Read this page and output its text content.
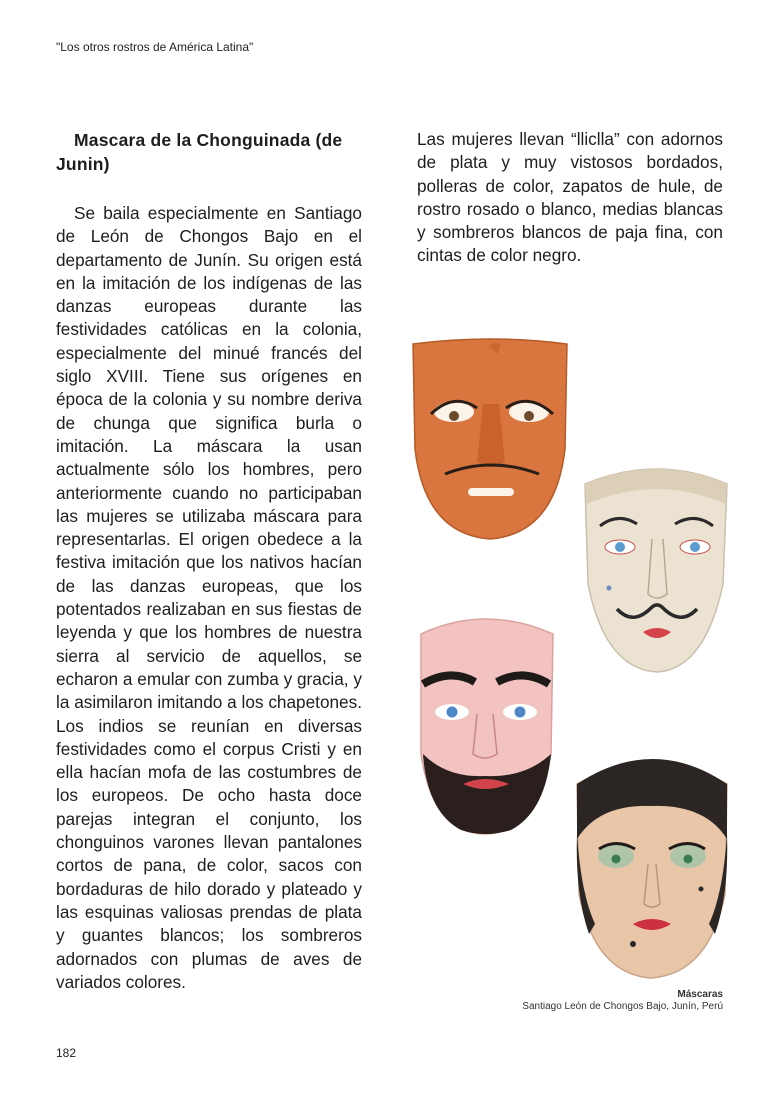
"Los otros rostros de América Latina"
Mascara de la Chonguinada (de Junin)

Se baila especialmente en Santiago de León de Chongos Bajo en el departamento de Junín. Su origen está en la imitación de los indígenas de las danzas europeas durante las festividades católicas en la colonia, especialmente del minué francés del siglo XVIII. Tiene sus orígenes en época de la colonia y su nombre deriva de chunga que significa burla o imitación. La máscara la usan actualmente sólo los hombres, pero anteriormente cuando no participaban las mujeres se utilizaba máscara para representarlas. El origen obedece a la festiva imitación que los nativos hacían de las danzas europeas, que los potentados realizaban en sus fiestas de leyenda y que los hombres de nuestra sierra al servicio de aquellos, se echaron a emular con zumba y gracia, y la asimilaron imitando a los chapetones. Los indios se reunían en diversas festividades como el corpus Cristi y en ella hacían mofa de las costumbres de los europeos. De ocho hasta doce parejas integran el conjunto, los chonguinos varones llevan pantalones cortos de pana, de color, sacos con bordaduras de hilo dorado y plateado y las esquinas valiosas prendas de plata y guantes blancos; los sombreros adornados con plumas de aves de variados colores.

Las mujeres llevan “lliclla” con adornos de plata y muy vistosos bordados, polleras de color, zapatos de hule, de rostro rosado o blanco, medias blancas y sombreros blancos de paja fina, con cintas de color negro.

Máscaras
Santiago León de Chongos Bajo, Junín, Perú
182
